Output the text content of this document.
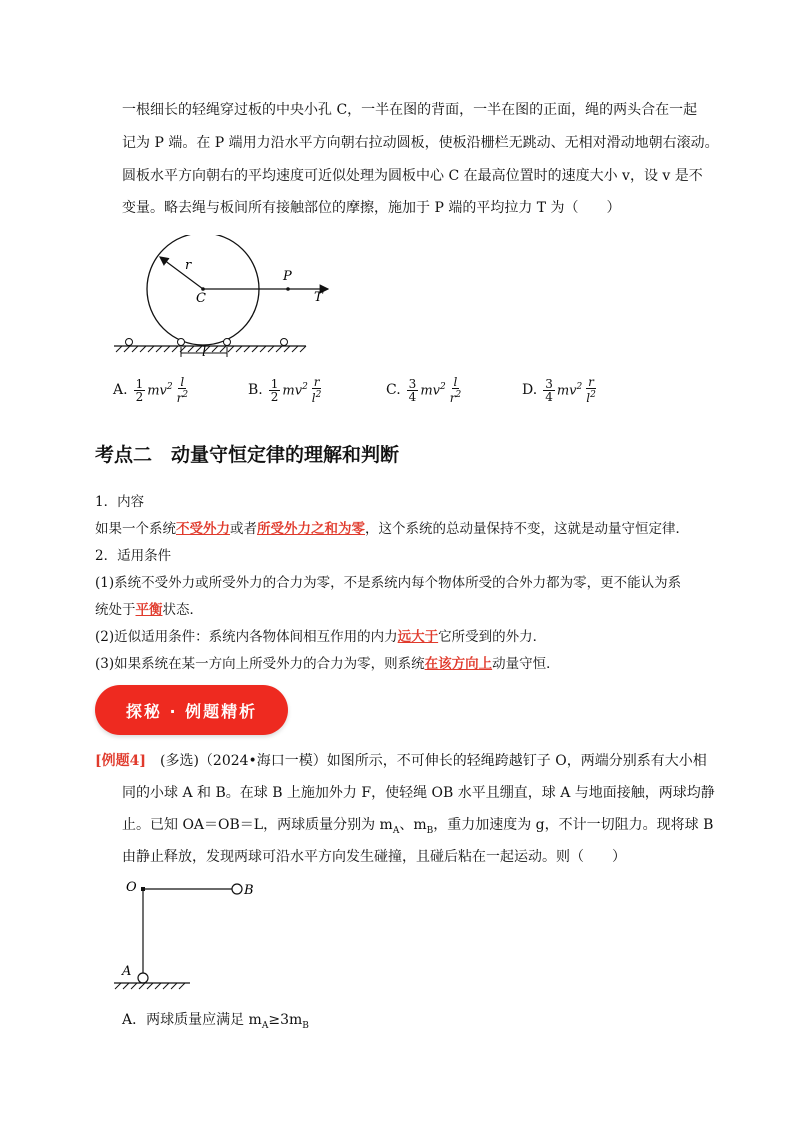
一根细长的轻绳穿过板的中央小孔 C，一半在图的背面，一半在图的正面，绳的两头合在一起
记为 P 端。在 P 端用力沿水平方向朝右拉动圆板，使板沿栅栏无跳动、无相对滑动地朝右滚动。
圆板水平方向朝右的平均速度可近似处理为圆板中心 C 在最高位置时的速度大小 v，设 v 是不
变量。略去绳与板间所有接触部位的摩擦，施加于 P 端的平均拉力 T 为（　　）
r
C
P
T
l
A. $\frac{1}{2} mv^2 \frac{l}{r^2}$	B. $\frac{1}{2} mv^2 \frac{r}{l^2}$	C. $\frac{3}{4} mv^2 \frac{l}{r^2}$	D. $\frac{3}{4} mv^2 \frac{r}{l^2}$
考点二　动量守恒定律的理解和判断
1．内容
如果一个系统不受外力或者所受外力之和为零，这个系统的总动量保持不变，这就是动量守恒定律．
2．适用条件
(1)系统不受外力或所受外力的合力为零，不是系统内每个物体所受的合外力都为零，更不能认为系
统处于平衡状态．
(2)近似适用条件：系统内各物体间相互作用的内力远大于它所受到的外力．
(3)如果系统在某一方向上所受外力的合力为零，则系统在该方向上动量守恒．
探秘 · 例题精析
[例题4]　(多选)（2024•海口一模）如图所示，不可伸长的轻绳跨越钉子 O，两端分别系有大小相
同的小球 A 和 B。在球 B 上施加外力 F，使轻绳 OB 水平且绷直，球 A 与地面接触，两球均静
止。已知 OA＝OB＝L，两球质量分别为 $m_A$、$m_B$，重力加速度为 g，不计一切阻力。现将球 B
由静止释放，发现两球可沿水平方向发生碰撞，且碰后粘在一起运动。则（　　）
O	B
A
A．两球质量应满足 $m_A\ge 3m_B$
